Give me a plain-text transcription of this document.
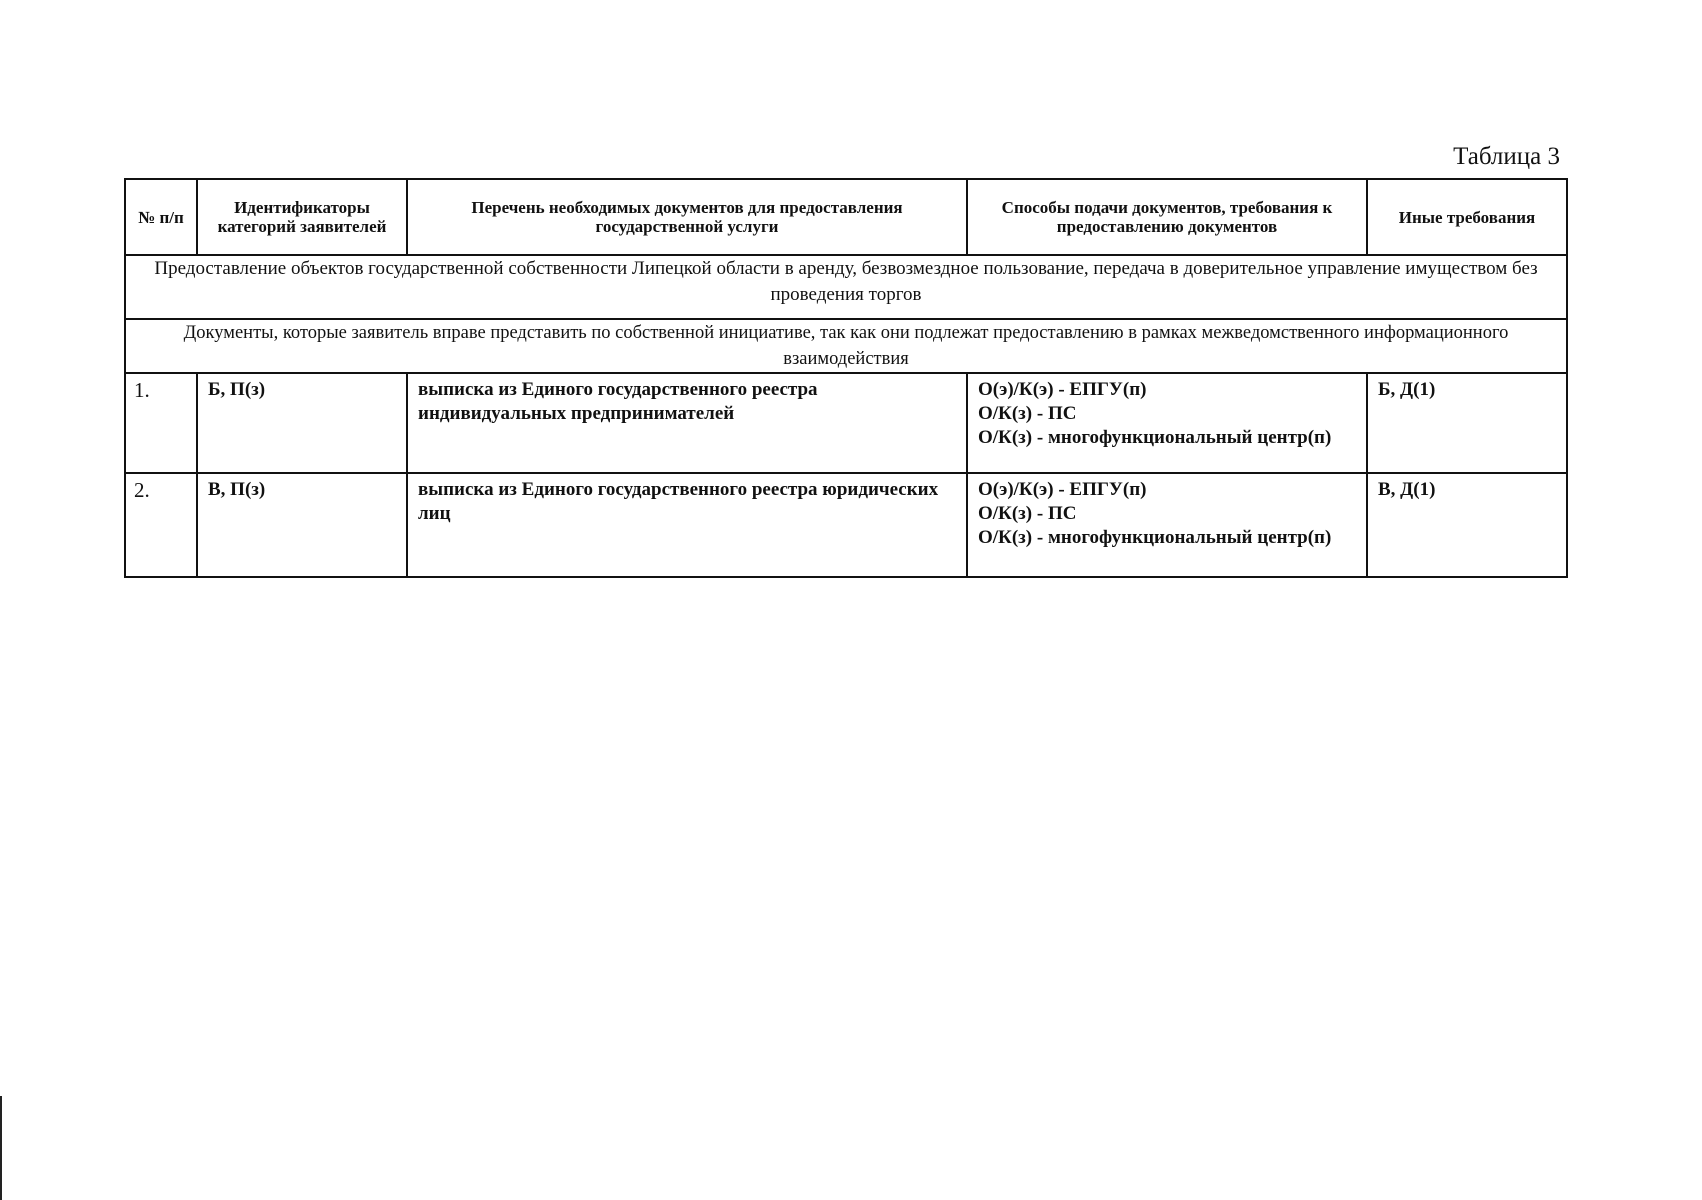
Таблица 3
№ п/п	Идентификаторы категорий заявителей	Перечень необходимых документов для предоставления государственной услуги	Способы подачи документов, требования к предоставлению документов	Иные требования
Предоставление объектов государственной собственности Липецкой области в аренду, безвозмездное пользование, передача в доверительное управление имуществом без проведения торгов				
Документы, которые заявитель вправе представить по собственной инициативе, так как они подлежат предоставлению в рамках межведомственного информационного взаимодействия				
1.	Б, П(з)	выписка из Единого государственного реестра индивидуальных предпринимателей	О(э)/К(э) - ЕПГУ(п)
О/К(з) - ПС
О/К(з) - многофункциональный центр(п)	Б, Д(1)
2.	В, П(з)	выписка из Единого государственного реестра юридических лиц	О(э)/К(э) - ЕПГУ(п)
О/К(з) - ПС
О/К(з) - многофункциональный центр(п)	В, Д(1)
